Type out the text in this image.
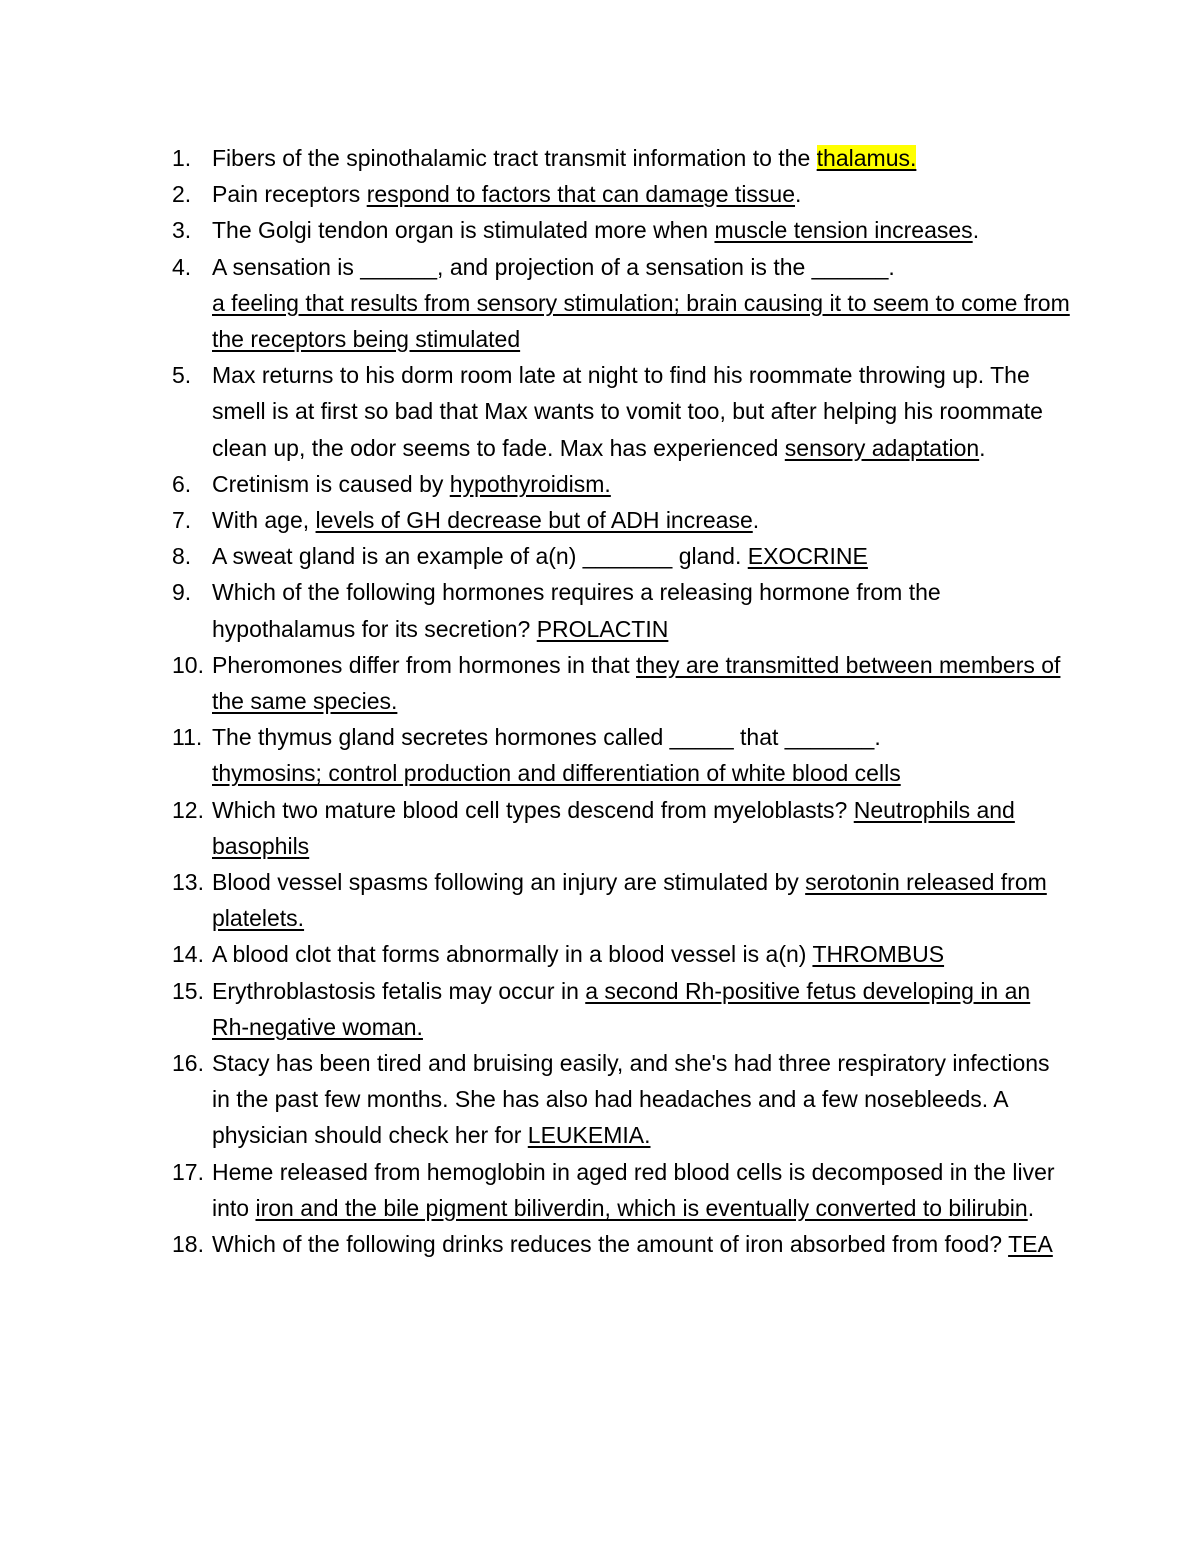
1. Fibers of the spinothalamic tract transmit information to the thalamus.
2. Pain receptors respond to factors that can damage tissue.
3. The Golgi tendon organ is stimulated more when muscle tension increases.
4. A sensation is ______, and projection of a sensation is the ______.
a feeling that results from sensory stimulation; brain causing it to seem to come from the receptors being stimulated
5. Max returns to his dorm room late at night to find his roommate throwing up. The smell is at first so bad that Max wants to vomit too, but after helping his roommate clean up, the odor seems to fade. Max has experienced sensory adaptation.
6. Cretinism is caused by hypothyroidism.
7. With age, levels of GH decrease but of ADH increase.
8. A sweat gland is an example of a(n) _______ gland. EXOCRINE
9. Which of the following hormones requires a releasing hormone from the hypothalamus for its secretion? PROLACTIN
10. Pheromones differ from hormones in that they are transmitted between members of the same species.
11. The thymus gland secretes hormones called _____ that _______.
thymosins; control production and differentiation of white blood cells
12. Which two mature blood cell types descend from myeloblasts? Neutrophils and basophils
13. Blood vessel spasms following an injury are stimulated by serotonin released from platelets.
14. A blood clot that forms abnormally in a blood vessel is a(n) THROMBUS
15. Erythroblastosis fetalis may occur in a second Rh-positive fetus developing in an Rh-negative woman.
16. Stacy has been tired and bruising easily, and she's had three respiratory infections in the past few months. She has also had headaches and a few nosebleeds. A physician should check her for LEUKEMIA.
17. Heme released from hemoglobin in aged red blood cells is decomposed in the liver into iron and the bile pigment biliverdin, which is eventually converted to bilirubin.
18. Which of the following drinks reduces the amount of iron absorbed from food? TEA
